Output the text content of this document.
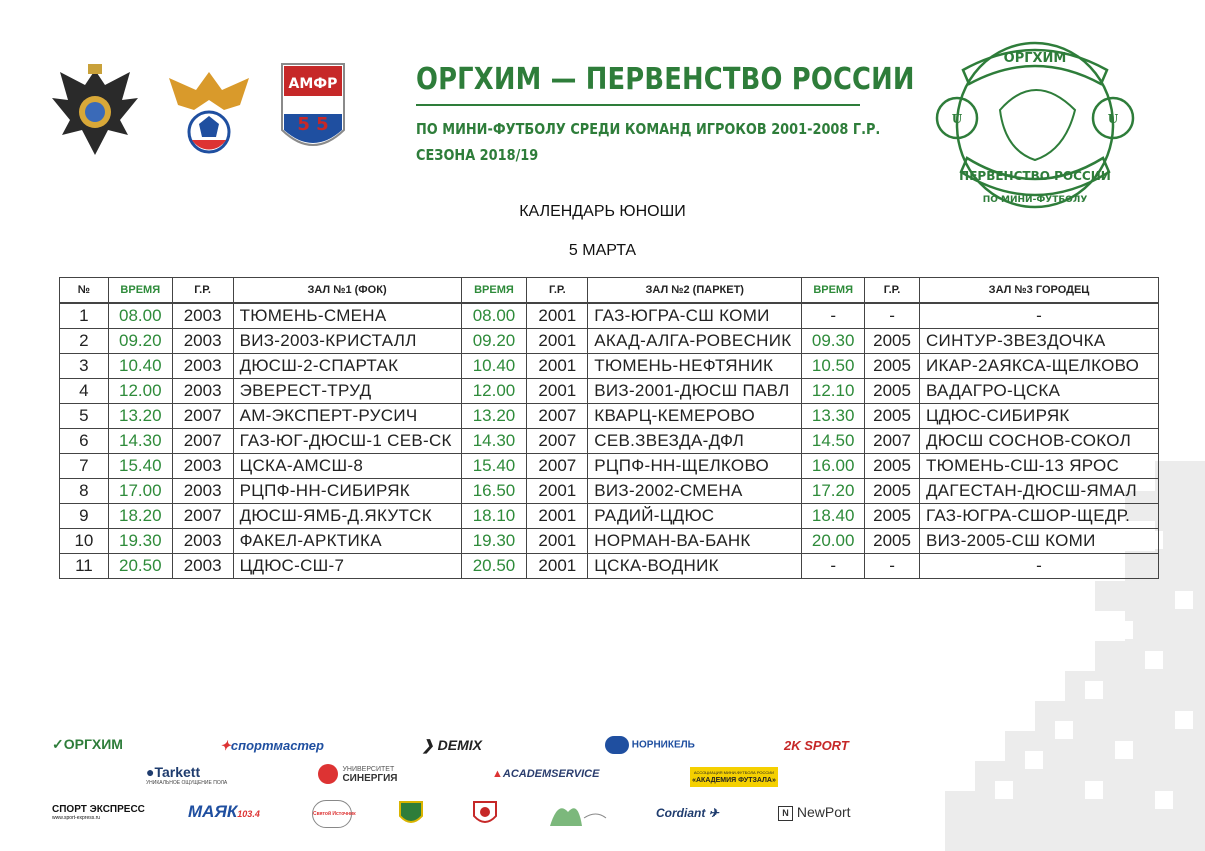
АМФР
5 5
ОРГХИМ — ПЕРВЕНСТВО РОССИИ
ПО МИНИ-ФУТБОЛУ СРЕДИ КОМАНД ИГРОКОВ 2001-2008 Г.Р.
СЕЗОНА 2018/19
ОРГХИМ
ПЕРВЕНСТВО РОССИИ
ПО МИНИ-ФУТБОЛУ
U	U
КАЛЕНДАРЬ ЮНОШИ
5 МАРТА
№	ВРЕМЯ	Г.Р.	ЗАЛ №1 (ФОК)	ВРЕМЯ	Г.Р.	ЗАЛ №2 (ПАРКЕТ)	ВРЕМЯ	Г.Р.	ЗАЛ №3 ГОРОДЕЦ
1	08.00	2003	ТЮМЕНЬ-СМЕНА	08.00	2001	ГАЗ-ЮГРА-СШ КОМИ	-	-	-
2	09.20	2003	ВИЗ-2003-КРИСТАЛЛ	09.20	2001	АКАД-АЛГА-РОВЕСНИК	09.30	2005	СИНТУР-ЗВЕЗДОЧКА
3	10.40	2003	ДЮСШ-2-СПАРТАК	10.40	2001	ТЮМЕНЬ-НЕФТЯНИК	10.50	2005	ИКАР-2АЯКСА-ЩЕЛКОВО
4	12.00	2003	ЭВЕРЕСТ-ТРУД	12.00	2001	ВИЗ-2001-ДЮСШ ПАВЛ	12.10	2005	ВАДАГРО-ЦСКА
5	13.20	2007	АМ-ЭКСПЕРТ-РУСИЧ	13.20	2007	КВАРЦ-КЕМЕРОВО	13.30	2005	ЦДЮС-СИБИРЯК
6	14.30	2007	ГАЗ-ЮГ-ДЮСШ-1 СЕВ-СК	14.30	2007	СЕВ.ЗВЕЗДА-ДФЛ	14.50	2007	ДЮСШ СОСНОВ-СОКОЛ
7	15.40	2003	ЦСКА-АМСШ-8	15.40	2007	РЦПФ-НН-ЩЕЛКОВО	16.00	2005	ТЮМЕНЬ-СШ-13 ЯРОС
8	17.00	2003	РЦПФ-НН-СИБИРЯК	16.50	2001	ВИЗ-2002-СМЕНА	17.20	2005	ДАГЕСТАН-ДЮСШ-ЯМАЛ
9	18.20	2007	ДЮСШ-ЯМБ-Д.ЯКУТСК	18.10	2001	РАДИЙ-ЦДЮС	18.40	2005	ГАЗ-ЮГРА-СШОР-ЩЕДР.
10	19.30	2003	ФАКЕЛ-АРКТИКА	19.30	2001	НОРМАН-ВА-БАНК	20.00	2005	ВИЗ-2005-СШ КОМИ
11	20.50	2003	ЦДЮС-СШ-7	20.50	2001	ЦСКА-ВОДНИК	-	-	-
✓ОРГХИМ	✦спортмастер	❯ DEMIX	НОРНИКЕЛЬ	2K SPORT
●Tarkett
УНИКАЛЬНОЕ ОЩУЩЕНИЕ ПОЛА

УНИВЕРСИТЕТ
СИНЕРГИЯ	▲ACADEMSERVICE	АССОЦИАЦИЯ МИНИ-ФУТБОЛА РОССИИ
«АКАДЕМИЯ ФУТЗАЛА»
СПОРТ ЭКСПРЕСС
www.sport-express.ru	МАЯК103.4	Святой Источник	Cordiant ✈	N NewPort
